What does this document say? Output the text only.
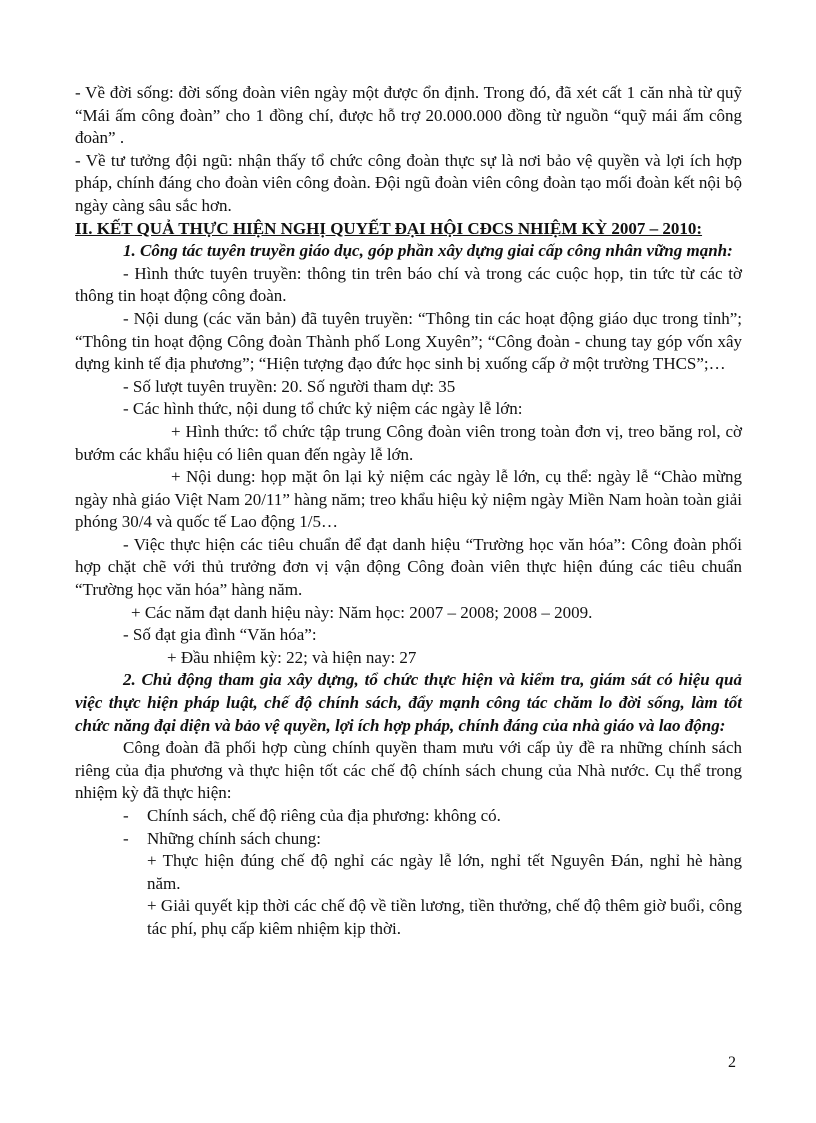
- Về đời sống: đời sống đoàn viên ngày một được ổn định. Trong đó, đã xét cất 1 căn nhà từ quỹ “Mái ấm công đoàn” cho 1 đồng chí, được hỗ trợ 20.000.000 đồng từ nguồn “quỹ mái ấm công đoàn” .

- Về tư tưởng đội ngũ: nhận thấy tổ chức công đoàn thực sự là nơi bảo vệ quyền và lợi ích hợp pháp, chính đáng cho đoàn viên công đoàn. Đội ngũ đoàn viên công đoàn tạo mối đoàn kết nội bộ ngày càng sâu sắc hơn.

II. KẾT QUẢ THỰC HIỆN NGHỊ QUYẾT ĐẠI HỘI CĐCS NHIỆM KỲ 2007 – 2010:

1. Công tác tuyên truyền giáo dục, góp phần xây dựng giai cấp công nhân vững mạnh:

- Hình thức tuyên truyền: thông tin trên báo chí và trong các cuộc họp, tin tức từ các tờ thông tin hoạt động công đoàn.

- Nội dung (các văn bản) đã tuyên truyền: “Thông tin các hoạt động giáo dục trong tỉnh”; “Thông tin hoạt động Công đoàn Thành phố Long Xuyên”; “Công đoàn - chung tay góp vốn xây dựng kinh tế địa phương”; “Hiện tượng đạo đức học sinh bị xuống cấp ở một trường THCS”;…

- Số lượt tuyên truyền: 20. Số người tham dự: 35

- Các hình thức, nội dung tổ chức kỷ niệm các ngày lễ lớn:

+ Hình thức: tổ chức tập trung Công đoàn viên trong toàn đơn vị, treo băng rol, cờ bướm các khẩu hiệu có liên quan đến ngày lễ lớn.

+ Nội dung: họp mặt ôn lại kỷ niệm các ngày lễ lớn, cụ thể: ngày lễ “Chào mừng ngày nhà giáo Việt Nam 20/11” hàng năm; treo khẩu hiệu kỷ niệm ngày Miền Nam hoàn toàn giải phóng 30/4 và quốc tế Lao động 1/5…

- Việc thực hiện các tiêu chuẩn để đạt danh hiệu “Trường học văn hóa”: Công đoàn phối hợp chặt chẽ với thủ trưởng đơn vị vận động Công đoàn viên thực hiện đúng các tiêu chuẩn “Trường học văn hóa” hàng năm.

+ Các năm đạt danh hiệu này: Năm học: 2007 – 2008; 2008 – 2009.

- Số đạt gia đình “Văn hóa”:

+ Đầu nhiệm kỳ: 22; và hiện nay: 27

2. Chủ động tham gia xây dựng, tổ chức thực hiện và kiểm tra, giám sát có hiệu quả việc thực hiện pháp luật, chế độ chính sách, đẩy mạnh công tác chăm lo đời sống, làm tốt chức năng đại diện và bảo vệ quyền, lợi ích hợp pháp, chính đáng của nhà giáo và lao động:

Công đoàn đã phối hợp cùng chính quyền tham mưu với cấp ủy đề ra những chính sách riêng của địa phương và thực hiện tốt các chế độ chính sách chung của Nhà nước. Cụ thể trong nhiệm kỳ đã thực hiện:

-	Chính sách, chế độ riêng của địa phương: không có.
-	Những chính sách chung:

+ Thực hiện đúng chế độ nghỉ các ngày lễ lớn, nghỉ tết Nguyên Đán, nghỉ hè hàng năm.

+ Giải quyết kịp thời các chế độ về tiền lương, tiền thưởng, chế độ thêm giờ buổi, công tác phí, phụ cấp kiêm nhiệm kịp thời.

2
